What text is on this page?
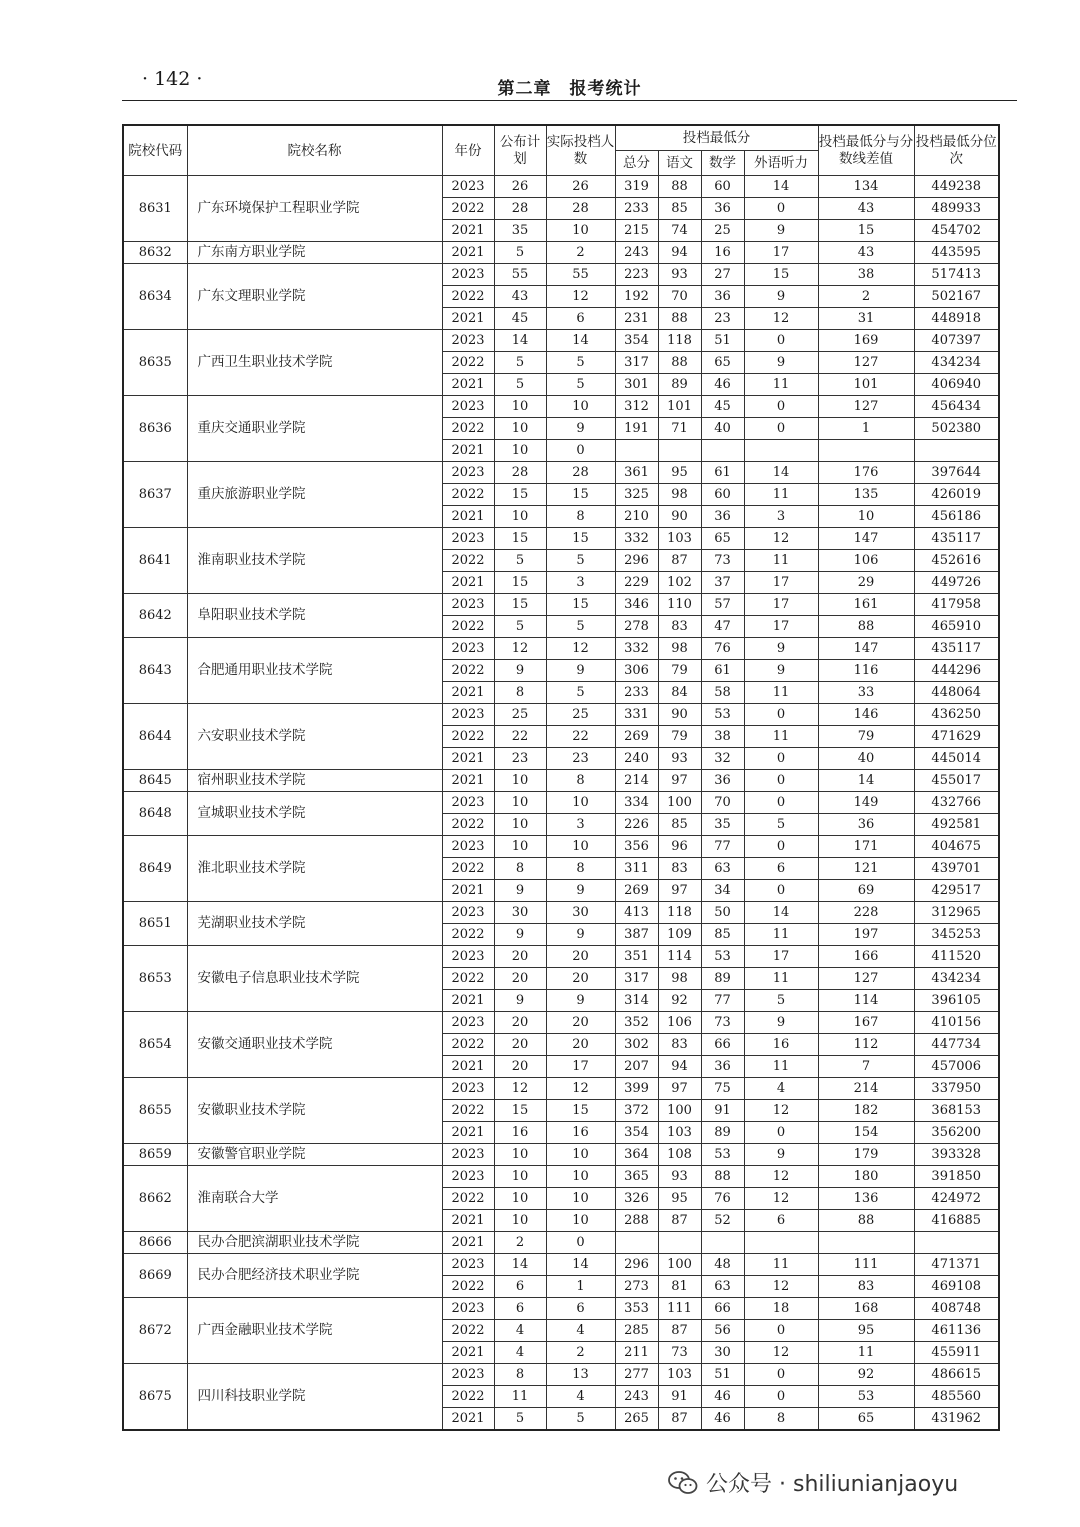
· 142 ·	第二章　报考统计
院校代码	院校名称	年份	公布计划	实际投档人数	投档最低分				投档最低分与分数线差值	投档最低分位次
					总分	语文	数学	外语听力		
8631	广东环境保护工程职业学院	2023	26	26	319	88	60	14	134	449238
		2022	28	28	233	85	36	0	43	489933
		2021	35	10	215	74	25	9	15	454702
8632	广东南方职业学院	2021	5	2	243	94	16	17	43	443595
8634	广东文理职业学院	2023	55	55	223	93	27	15	38	517413
		2022	43	12	192	70	36	9	2	502167
		2021	45	6	231	88	23	12	31	448918
8635	广西卫生职业技术学院	2023	14	14	354	118	51	0	169	407397
		2022	5	5	317	88	65	9	127	434234
		2021	5	5	301	89	46	11	101	406940
8636	重庆交通职业学院	2023	10	10	312	101	45	0	127	456434
		2022	10	9	191	71	40	0	1	502380
		2021	10	0						
8637	重庆旅游职业学院	2023	28	28	361	95	61	14	176	397644
		2022	15	15	325	98	60	11	135	426019
		2021	10	8	210	90	36	3	10	456186
8641	淮南职业技术学院	2023	15	15	332	103	65	12	147	435117
		2022	5	5	296	87	73	11	106	452616
		2021	15	3	229	102	37	17	29	449726
8642	阜阳职业技术学院	2023	15	15	346	110	57	17	161	417958
		2022	5	5	278	83	47	17	88	465910
8643	合肥通用职业技术学院	2023	12	12	332	98	76	9	147	435117
		2022	9	9	306	79	61	9	116	444296
		2021	8	5	233	84	58	11	33	448064
8644	六安职业技术学院	2023	25	25	331	90	53	0	146	436250
		2022	22	22	269	79	38	11	79	471629
		2021	23	23	240	93	32	0	40	445014
8645	宿州职业技术学院	2021	10	8	214	97	36	0	14	455017
8648	宣城职业技术学院	2023	10	10	334	100	70	0	149	432766
		2022	10	3	226	85	35	5	36	492581
8649	淮北职业技术学院	2023	10	10	356	96	77	0	171	404675
		2022	8	8	311	83	63	6	121	439701
		2021	9	9	269	97	34	0	69	429517
8651	芜湖职业技术学院	2023	30	30	413	118	50	14	228	312965
		2022	9	9	387	109	85	11	197	345253
8653	安徽电子信息职业技术学院	2023	20	20	351	114	53	17	166	411520
		2022	20	20	317	98	89	11	127	434234
		2021	9	9	314	92	77	5	114	396105
8654	安徽交通职业技术学院	2023	20	20	352	106	73	9	167	410156
		2022	20	20	302	83	66	16	112	447734
		2021	20	17	207	94	36	11	7	457006
8655	安徽职业技术学院	2023	12	12	399	97	75	4	214	337950
		2022	15	15	372	100	91	12	182	368153
		2021	16	16	354	103	89	0	154	356200
8659	安徽警官职业学院	2023	10	10	364	108	53	9	179	393328
8662	淮南联合大学	2023	10	10	365	93	88	12	180	391850
		2022	10	10	326	95	76	12	136	424972
		2021	10	10	288	87	52	6	88	416885
8666	民办合肥滨湖职业技术学院	2021	2	0						
8669	民办合肥经济技术职业学院	2023	14	14	296	100	48	11	111	471371
		2022	6	1	273	81	63	12	83	469108
8672	广西金融职业技术学院	2023	6	6	353	111	66	18	168	408748
		2022	4	4	285	87	56	0	95	461136
		2021	4	2	211	73	30	12	11	455911
8675	四川科技职业学院	2023	8	13	277	103	51	0	92	486615
		2022	11	4	243	91	46	0	53	485560
		2021	5	5	265	87	46	8	65	431962
公众号 · shiliunianjaoyu
